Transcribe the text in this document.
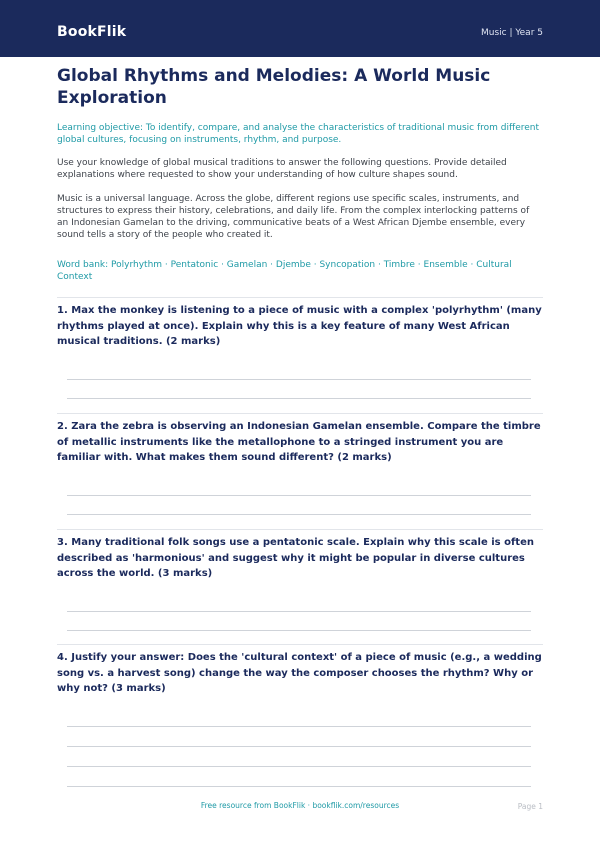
BookFlik	Music | Year 5
Global Rhythms and Melodies: A World Music Exploration
Learning objective: To identify, compare, and analyse the characteristics of traditional music from different global cultures, focusing on instruments, rhythm, and purpose.
Use your knowledge of global musical traditions to answer the following questions. Provide detailed explanations where requested to show your understanding of how culture shapes sound.
Music is a universal language. Across the globe, different regions use specific scales, instruments, and structures to express their history, celebrations, and daily life. From the complex interlocking patterns of an Indonesian Gamelan to the driving, communicative beats of a West African Djembe ensemble, every sound tells a story of the people who created it.
Word bank: Polyrhythm · Pentatonic · Gamelan · Djembe · Syncopation · Timbre · Ensemble · Cultural Context
1. Max the monkey is listening to a piece of music with a complex 'polyrhythm' (many rhythms played at once). Explain why this is a key feature of many West African musical traditions. (2 marks)
2. Zara the zebra is observing an Indonesian Gamelan ensemble. Compare the timbre of metallic instruments like the metallophone to a stringed instrument you are familiar with. What makes them sound different? (2 marks)
3. Many traditional folk songs use a pentatonic scale. Explain why this scale is often described as 'harmonious' and suggest why it might be popular in diverse cultures across the world. (3 marks)
4. Justify your answer: Does the 'cultural context' of a piece of music (e.g., a wedding song vs. a harvest song) change the way the composer chooses the rhythm? Why or why not? (3 marks)
Free resource from BookFlik · bookflik.com/resources	Page 1
